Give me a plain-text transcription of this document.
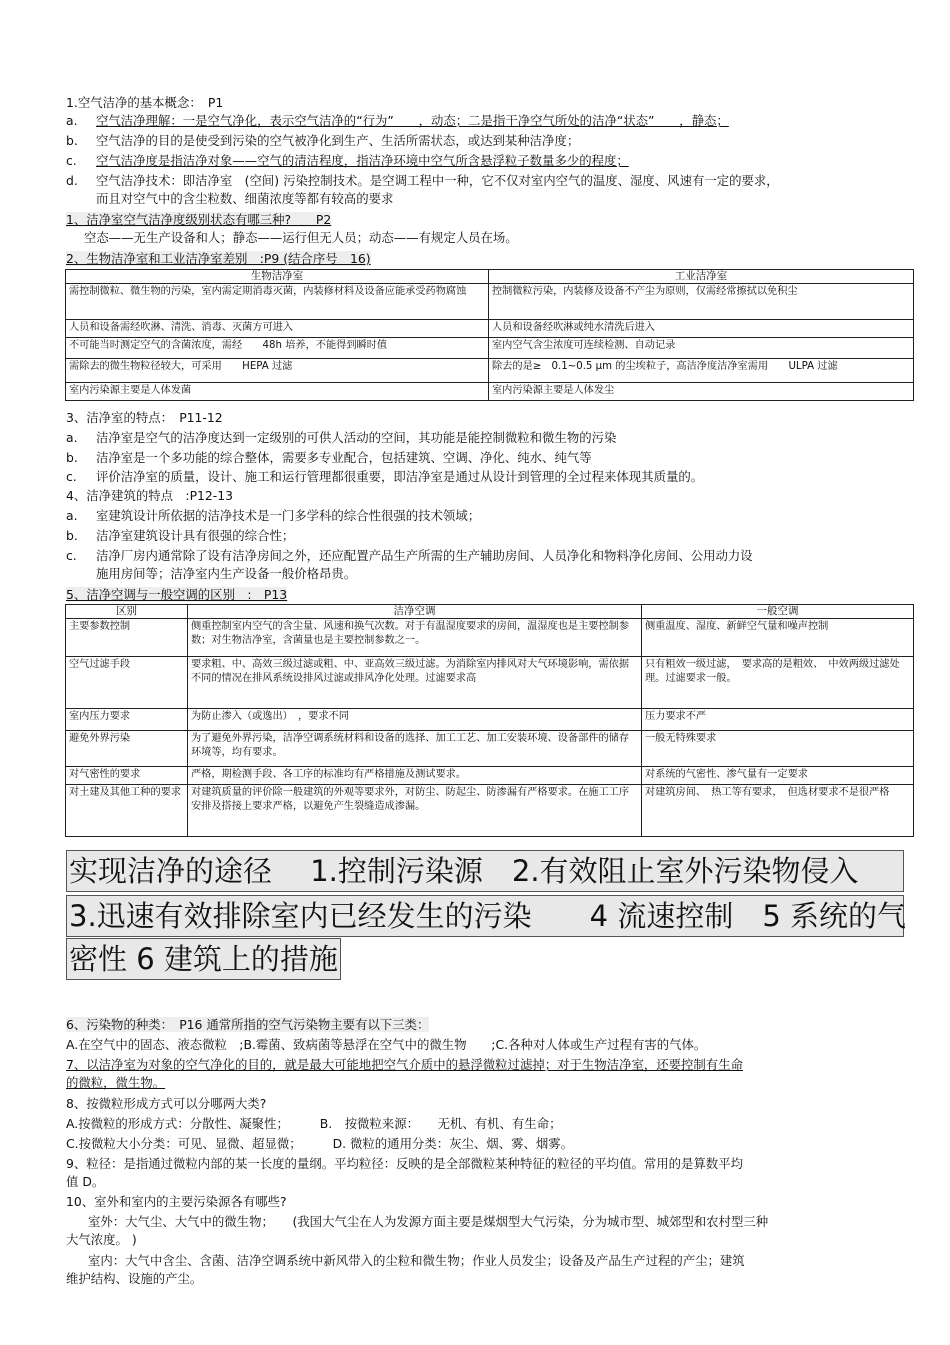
1.空气洁净的基本概念：　P1
a. 空气洁净理解：一是空气净化，表示空气洁净的“行为”　　，动态；二是指干净空气所处的洁净“状态”　　，静态；
b. 空气洁净的目的是使受到污染的空气被净化到生产、生活所需状态，或达到某种洁净度；
c. 空气洁净度是指洁净对象——空气的清洁程度，指洁净环境中空气所含悬浮粒子数量多少的程度；
d. 空气洁净技术：即洁净室　(空间) 污染控制技术。是空调工程中一种，它不仅对室内空气的温度、湿度、风速有一定的要求，
而且对空气中的含尘粒数、细菌浓度等都有较高的要求
1、洁净室空气洁净度级别状态有哪三种?　　P2
空态——无生产设备和人；静态——运行但无人员；动态——有规定人员在场。
2、生物洁净室和工业洁净室差别　:P9 (结合序号　16)
生物洁净室	工业洁净室
需控制微粒、微生物的污染，室内需定期消毒灭菌，内装修材料及设备应能承受药物腐蚀	控制微粒污染，内装修及设备不产尘为原则，仅需经常擦拭以免积尘
人员和设备需经吹淋、清洗、消毒、灭菌方可进入	人员和设备经吹淋或纯水清洗后进入
不可能当时测定空气的含菌浓度，需经　　48h 培养，不能得到瞬时值	室内空气含尘浓度可连续检测、自动记录
需除去的微生物粒径较大，可采用　　HEPA 过滤	除去的是≥　0.1~0.5 μm 的尘埃粒子，高洁净度洁净室需用　　ULPA 过滤
室内污染源主要是人体发菌	室内污染源主要是人体发尘
3、洁净室的特点：　P11-12
a. 洁净室是空气的洁净度达到一定级别的可供人活动的空间，其功能是能控制微粒和微生物的污染
b. 洁净室是一个多功能的综合整体，需要多专业配合，包括建筑、空调、净化、纯水、纯气等
c. 评价洁净室的质量，设计、施工和运行管理都很重要，即洁净室是通过从设计到管理的全过程来体现其质量的。
4、洁净建筑的特点　:P12-13
a. 室建筑设计所依据的洁净技术是一门多学科的综合性很强的技术领域；
b. 洁净室建筑设计具有很强的综合性；
c. 洁净厂房内通常除了设有洁净房间之外，还应配置产品生产所需的生产辅助房间、人员净化和物料净化房间、公用动力设
施用房间等；洁净室内生产设备一般价格昂贵。
5、洁净空调与一般空调的区别　:　P13
区别	洁净空调	一般空调
主要参数控制	侧重控制室内空气的含尘量、风速和换气次数。对于有温湿度要求的房间，温湿度也是主要控制参数；对生物洁净室，含菌量也是主要控制参数之一。	侧重温度、湿度、新鲜空气量和噪声控制
空气过滤手段	要求粗、中、高效三级过滤或粗、中、亚高效三级过滤。为消除室内排风对大气环境影响，需依据不同的情况在排风系统设排风过滤或排风净化处理。过滤要求高	只有粗效一级过滤，　要求高的是粗效、　中效两级过滤处理。过滤要求一般。
室内压力要求	为防止渗入（或逸出）　，要求不同	压力要求不严
避免外界污染	为了避免外界污染，洁净空调系统材料和设备的选择、加工工艺、加工安装环境、设备部件的储存环境等，均有要求。	一般无特殊要求
对气密性的要求	严格，期检测手段、各工序的标准均有严格措施及测试要求。	对系统的气密性、渗气量有一定要求
对土建及其他工种的要求	对建筑质量的评价除一般建筑的外观等要求外，对防尘、防起尘、防渗漏有严格要求。在施工工序安排及搭接上要求严格，以避免产生裂缝造成渗漏。	对建筑房间、　热工等有要求，　但选材要求不是很严格
实现洁净的途径　 1.控制污染源　2.有效阻止室外污染物侵入
3.迅速有效排除室内已经发生的污染　　4 流速控制　5 系统的气
密性 6 建筑上的措施
6、污染物的种类：　P16 通常所指的空气污染物主要有以下三类：
A.在空气中的固态、液态微粒　;B.霉菌、致病菌等悬浮在空气中的微生物　　;C.各种对人体或生产过程有害的气体。
7、以洁净室为对象的空气净化的目的，就是最大可能地把空气介质中的悬浮微粒过滤掉；对于生物洁净室，还要控制有生命
的微粒，微生物。
8、按微粒形成方式可以分哪两大类?
A.按微粒的形成方式：分散性、凝聚性；　　　B.　按微粒来源：　　无机、有机、有生命；
C.按微粒大小分类：可见、显微、超显微；　　　D. 微粒的通用分类：灰尘、烟、雾、烟雾。
9、粒径：是指通过微粒内部的某一长度的量纲。平均粒径：反映的是全部微粒某种特征的粒径的平均值。常用的是算数平均
值 D。
10、室外和室内的主要污染源各有哪些?
室外：大气尘、大气中的微生物；　　(我国大气尘在人为发源方面主要是煤烟型大气污染，分为城市型、城郊型和农村型三种
大气浓度。 )
室内：大气中含尘、含菌、洁净空调系统中新风带入的尘粒和微生物；作业人员发尘；设备及产品生产过程的产尘；建筑
维护结构、设施的产尘。
